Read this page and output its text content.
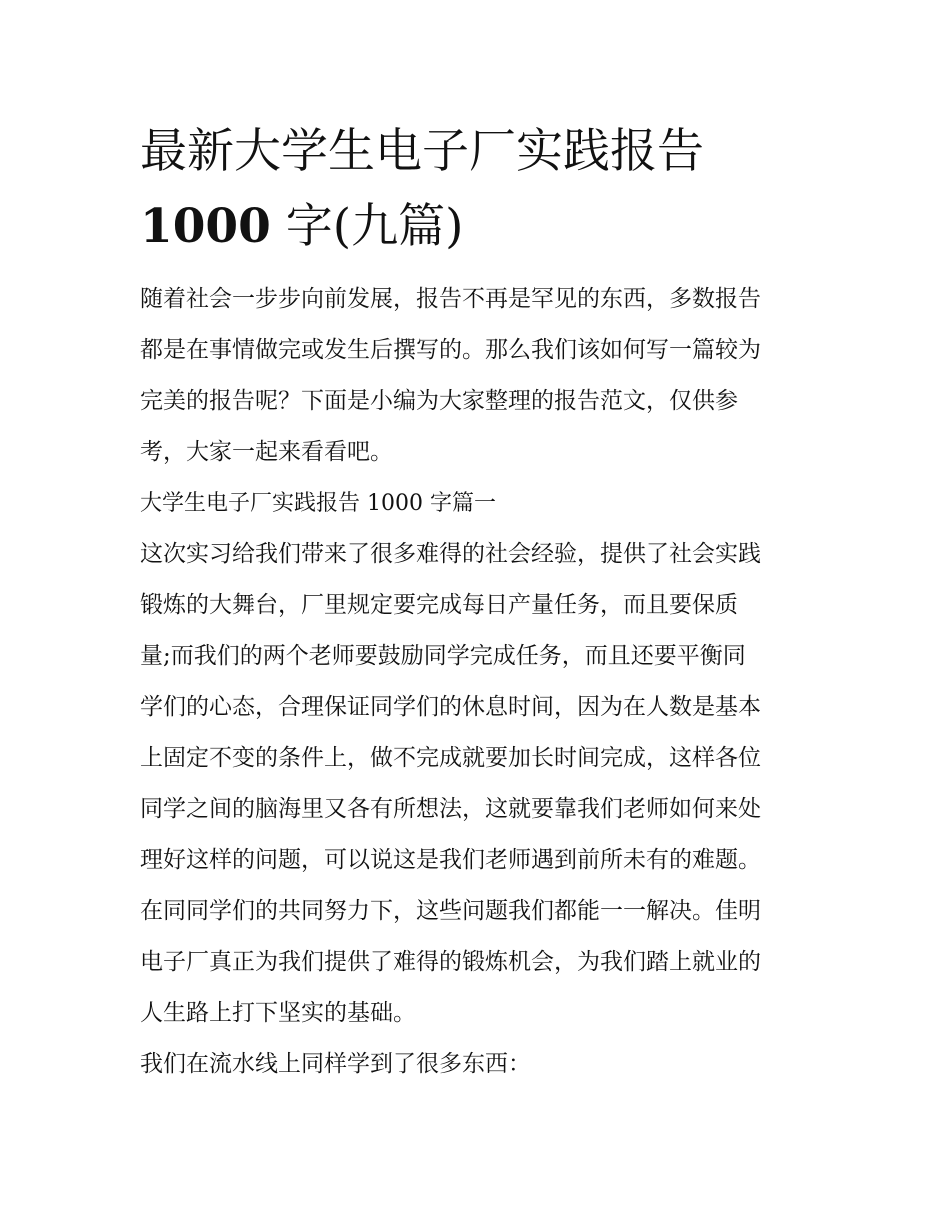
最新大学生电子厂实践报告
1000 字(九篇)

随着社会一步步向前发展，报告不再是罕见的东西，多数报告
都是在事情做完或发生后撰写的。那么我们该如何写一篇较为
完美的报告呢？下面是小编为大家整理的报告范文，仅供参
考，大家一起来看看吧。

大学生电子厂实践报告 1000 字篇一

这次实习给我们带来了很多难得的社会经验，提供了社会实践
锻炼的大舞台，厂里规定要完成每日产量任务，而且要保质
量;而我们的两个老师要鼓励同学完成任务，而且还要平衡同
学们的心态，合理保证同学们的休息时间，因为在人数是基本
上固定不变的条件上，做不完成就要加长时间完成，这样各位
同学之间的脑海里又各有所想法，这就要靠我们老师如何来处
理好这样的问题，可以说这是我们老师遇到前所未有的难题。
在同同学们的共同努力下，这些问题我们都能一一解决。佳明
电子厂真正为我们提供了难得的锻炼机会，为我们踏上就业的
人生路上打下坚实的基础。

我们在流水线上同样学到了很多东西：
